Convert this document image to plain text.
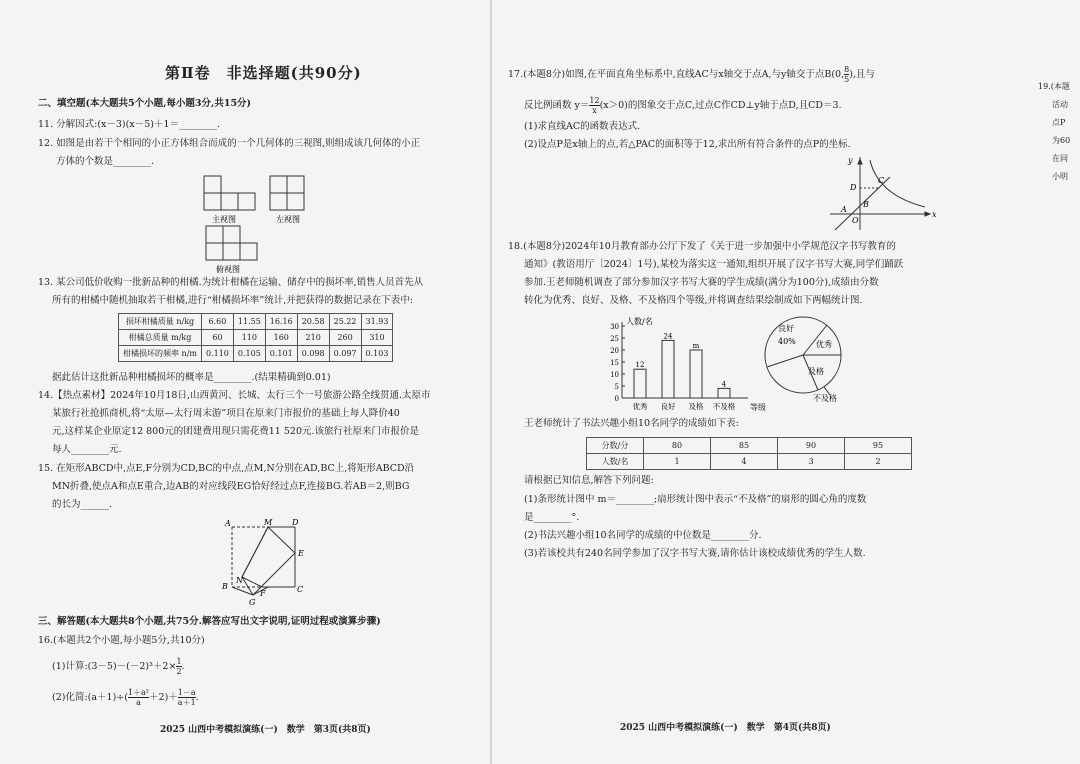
第Ⅱ卷　非选择题(共90分)
二、填空题(本大题共5个小题,每小题3分,共15分)
11. 分解因式:(x－3)(x－5)＋1＝________.
12. 如图是由若干个相同的小正方体组合而成的一个几何体的三视图,则组成该几何体的小正
方体的个数是________.
主视图	左视图
俯视图
13. 某公司低价收购一批新品种的柑橘.为统计柑橘在运输、储存中的损坏率,销售人员首先从
所有的柑橘中随机抽取若干柑橘,进行“柑橘损坏率”统计,并把获得的数据记录在下表中:
损坏柑橘质量 n/kg	6.60	11.55	16.16	20.58	25.22	31.93
柑橘总质量 m/kg	60	110	160	210	260	310
柑橘损坏的频率 n/m	0.110	0.105	0.101	0.098	0.097	0.103
据此估计这批新品种柑橘损坏的概率是________.(结果精确到0.01)
14.【热点素材】2024年10月18日,山西黄河、长城、太行三个一号旅游公路全线贯通.太原市
某旅行社抢抓商机,将“太原—太行周末游”项目在原来门市报价的基础上每人降价40
元,这样某企业原定12 800元的团建费用现只需花费11 520元.该旅行社原来门市报价是
每人________元.
15. 在矩形ABCD中,点E,F分别为CD,BC的中点,点M,N分别在AD,BC上,将矩形ABCD沿
MN折叠,使点A和点E重合,边AB的对应线段EG恰好经过点F,连接BG.若AB＝2,则BG
的长为______.
A	M D
E
B
N
F	C
G
三、解答题(本大题共8个小题,共75分.解答应写出文字说明,证明过程或演算步骤)
16.(本题共2个小题,每小题5分,共10分)
(1)计算:(3－5)－(－2)³＋2× $\frac{1}{2}$ .
(2)化简:(a＋1)÷( $\frac{\text{1＋a²}}{a} +2)+ \frac{1-a}{a+1}$ .
2025 山西中考模拟演练(一)　数学　第3页(共8页)
17.(本题8分)如图,在平面直角坐标系中,直线AC与x轴交于点A,与y轴交于点B(0, $\frac{8}{5}$ ),且与
反比例函数 $y= \frac{12}{x} (x>0)$的图象交于点C,过点C作CD⊥y轴于点D,且CD＝3.
(1)求直线AC的函数表达式.
(2)设点P是x轴上的点,若△PAC的面积等于12,求出所有符合条件的点P的坐标.
y
x
D
C
A
B
O
18.(本题8分)2024年10月教育部办公厅下发了《关于进一步加强中小学规范汉字书写教育的
通知》(教语用厅〔2024〕1号),某校为落实这一通知,组织开展了汉字书写大赛,同学们踊跃
参加.王老师随机调查了部分参加汉字书写大赛的学生成绩(满分为100分),成绩由分数
转化为优秀、良好、及格、不及格四个等级,并将调查结果绘制成如下两幅统计图.
人数/名
等级
0
5
10
15
20
25
30
12
优秀
24
良好
m
及格
4
不及格
良好
40%	优秀
及格
不及格
王老师统计了书法兴趣小组10名同学的成绩如下表:
分数/分	80	85	90	95
人数/名	1	4	3	2
请根据已知信息,解答下列问题:
(1)条形统计图中 m＝________;扇形统计图中表示“不及格”的扇形的圆心角的度数
是________°.
(2)书法兴趣小组10名同学的成绩的中位数是________分.
(3)若该校共有240名同学参加了汉字书写大赛,请你估计该校成绩优秀的学生人数.
2025 山西中考模拟演练(一)　数学　第4页(共8页)
19.(本题
活动
点P
为60
在同
小明
